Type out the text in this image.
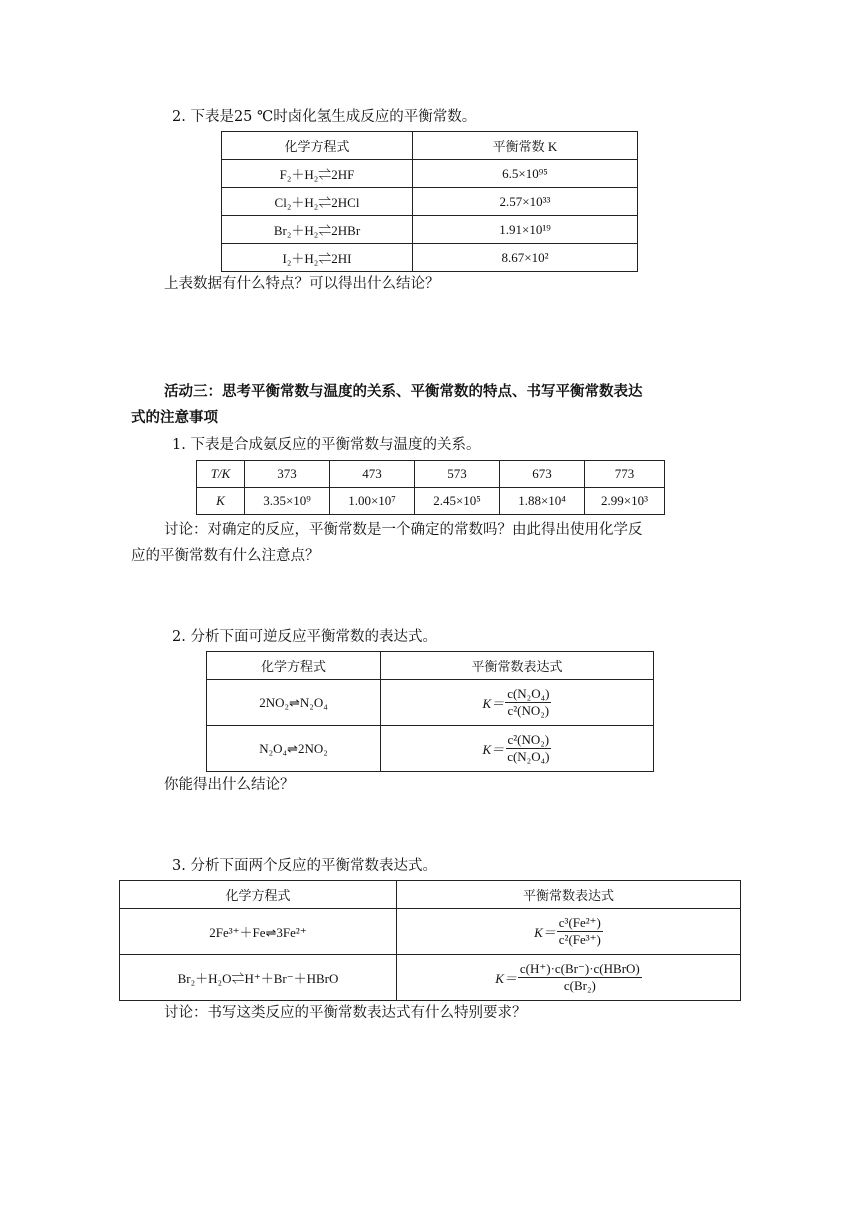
2. 下表是25 ℃时卤化氢生成反应的平衡常数。
化学方程式	平衡常数 K
F₂＋H₂⇌2HF	6.5×10⁹⁵
Cl₂＋H₂⇌2HCl	2.57×10³³
Br₂＋H₂⇌2HBr	1.91×10¹⁹
I₂＋H₂⇌2HI	8.67×10²
上表数据有什么特点？可以得出什么结论？
活动三：思考平衡常数与温度的关系、平衡常数的特点、书写平衡常数表达
式的注意事项
1. 下表是合成氨反应的平衡常数与温度的关系。
T/K	373	473	573	673	773
K	3.35×10⁹	1.00×10⁷	2.45×10⁵	1.88×10⁴	2.99×10³
讨论：对确定的反应，平衡常数是一个确定的常数吗？由此得出使用化学反
应的平衡常数有什么注意点？
2. 分析下面可逆反应平衡常数的表达式。
化学方程式	平衡常数表达式
2NO₂⇌N₂O₄	$K= \frac{\text{c(N₂O₄)}}{\text{c²(NO₂)}}$

N₂O₄⇌2NO₂	$K= \frac{\text{c²(NO₂)}}{\text{c(N₂O₄)}}$
你能得出什么结论？
3. 分析下面两个反应的平衡常数表达式。
化学方程式	平衡常数表达式
2Fe³⁺＋Fe⇌3Fe²⁺	$K= \frac{\text{c³(Fe²⁺)}}{\text{c²(Fe³⁺)}}$

Br₂＋H₂O⇌H⁺＋Br⁻＋HBrO	$K= \frac{\text{c(H⁺)·c(Br⁻)·c(HBrO)}}{\text{c(Br₂)}}$
讨论：书写这类反应的平衡常数表达式有什么特别要求？
